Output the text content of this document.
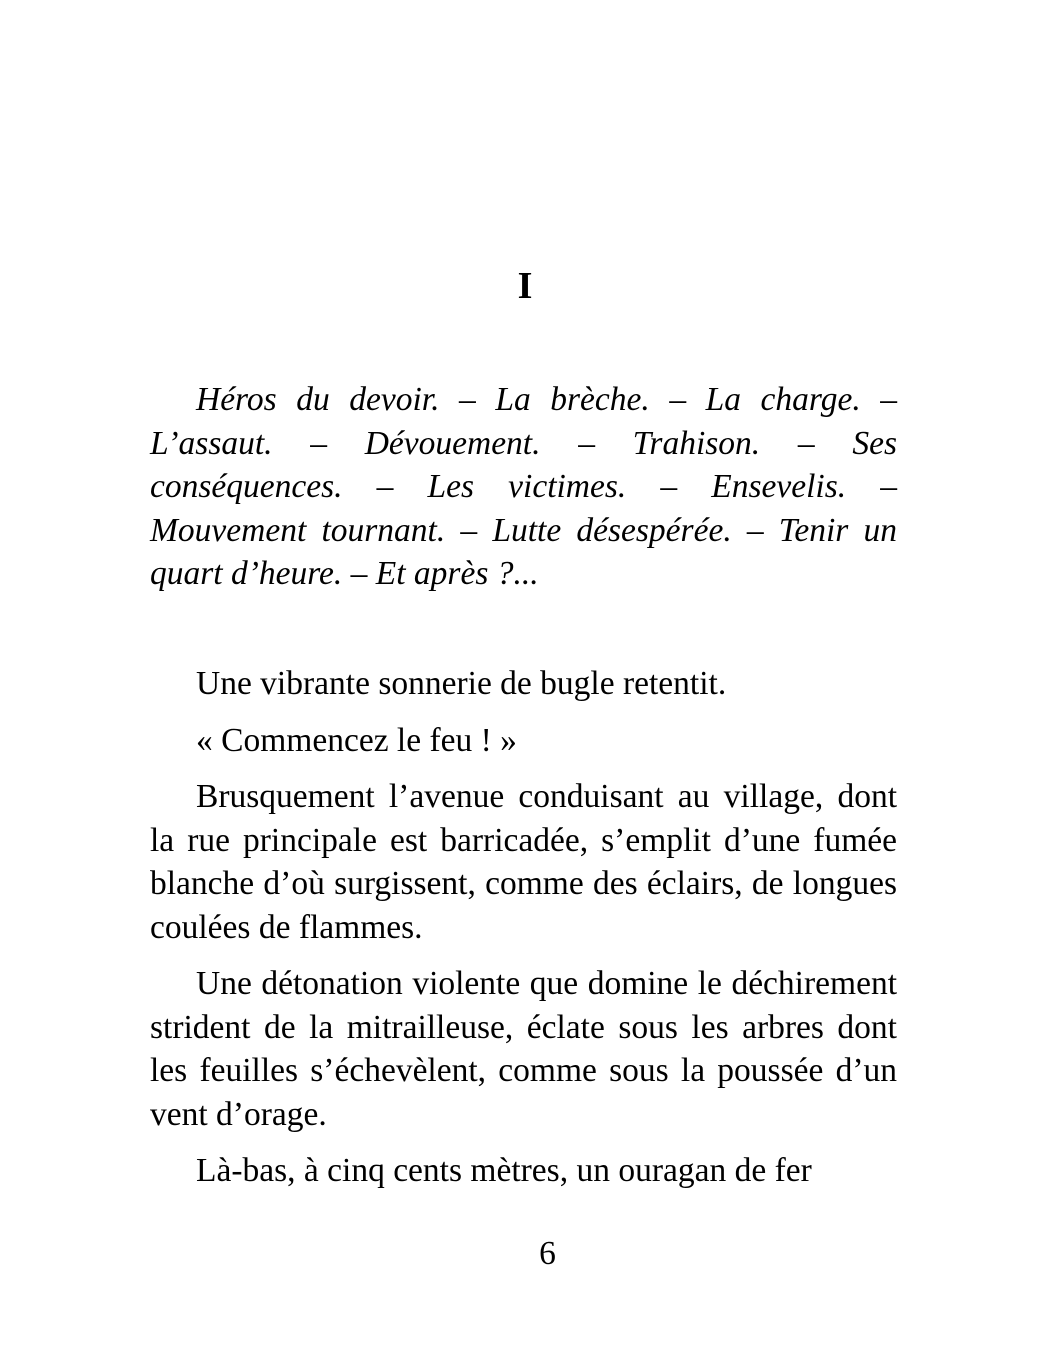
I

Héros du devoir. – La brèche. – La charge. – L’assaut. – Dévouement. – Trahison. – Ses conséquences. – Les victimes. – Ensevelis. – Mouvement tournant. – Lutte désespérée. – Tenir un quart d’heure. – Et après ?...

Une vibrante sonnerie de bugle retentit.

« Commencez le feu ! »

Brusquement l’avenue conduisant au village, dont la rue principale est barricadée, s’emplit d’une fumée blanche d’où surgissent, comme des éclairs, de longues coulées de flammes.

Une détonation violente que domine le déchirement strident de la mitrailleuse, éclate sous les arbres dont les feuilles s’échevèlent, comme sous la poussée d’un vent d’orage.

Là-bas, à cinq cents mètres, un ouragan de fer

6
